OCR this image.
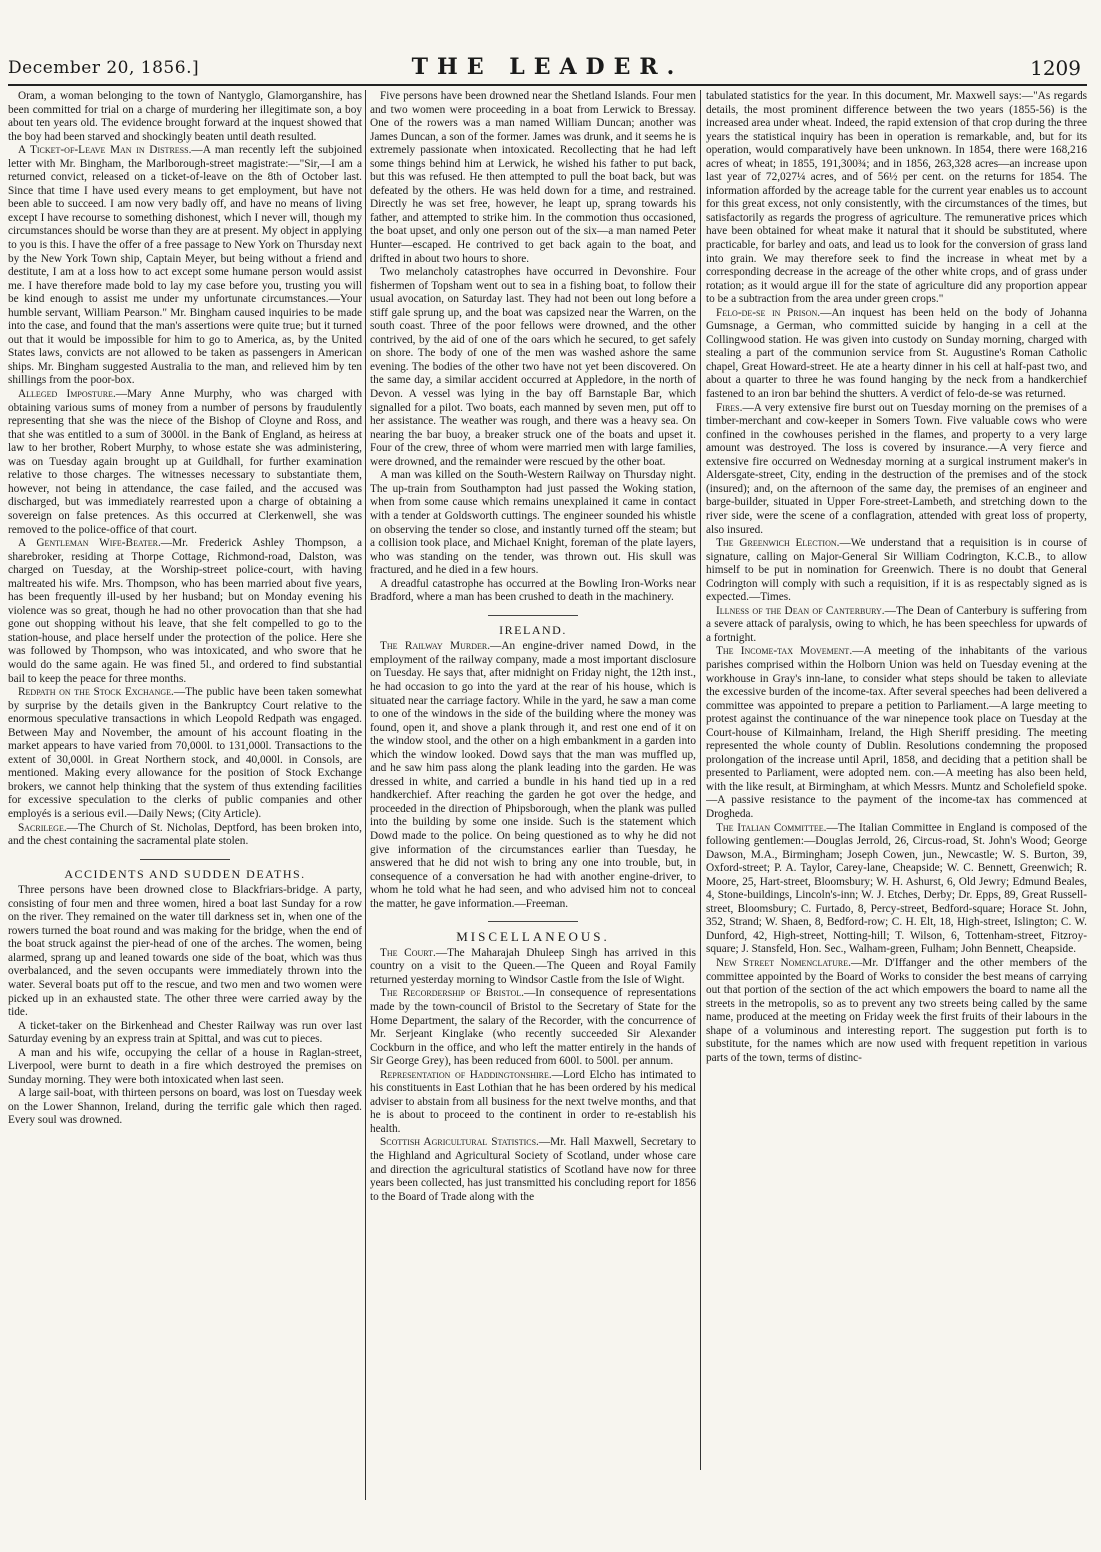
December 20, 1856.]	THE LEADER.	1209

Oram, a woman belonging to the town of Nantyglo, Glamorganshire, has been committed for trial on a charge of murdering her illegitimate son, a boy about ten years old. The evidence brought forward at the inquest showed that the boy had been starved and shockingly beaten until death resulted.

A Ticket-of-Leave Man in Distress.—A man recently left the subjoined letter with Mr. Bingham, the Marlborough-street magistrate:—"Sir,—I am a returned convict, released on a ticket-of-leave on the 8th of October last. Since that time I have used every means to get employment, but have not been able to succeed. I am now very badly off, and have no means of living except I have recourse to something dishonest, which I never will, though my circumstances should be worse than they are at present. My object in applying to you is this. I have the offer of a free passage to New York on Thursday next by the New York Town ship, Captain Meyer, but being without a friend and destitute, I am at a loss how to act except some humane person would assist me. I have therefore made bold to lay my case before you, trusting you will be kind enough to assist me under my unfortunate circumstances.—Your humble servant, William Pearson." Mr. Bingham caused inquiries to be made into the case, and found that the man's assertions were quite true; but it turned out that it would be impossible for him to go to America, as, by the United States laws, convicts are not allowed to be taken as passengers in American ships. Mr. Bingham suggested Australia to the man, and relieved him by ten shillings from the poor-box.

Alleged Imposture.—Mary Anne Murphy, who was charged with obtaining various sums of money from a number of persons by fraudulently representing that she was the niece of the Bishop of Cloyne and Ross, and that she was entitled to a sum of 3000l. in the Bank of England, as heiress at law to her brother, Robert Murphy, to whose estate she was administering, was on Tuesday again brought up at Guildhall, for further examination relative to those charges. The witnesses necessary to substantiate them, however, not being in attendance, the case failed, and the accused was discharged, but was immediately rearrested upon a charge of obtaining a sovereign on false pretences. As this occurred at Clerkenwell, she was removed to the police-office of that court.

A Gentleman Wife-Beater.—Mr. Frederick Ashley Thompson, a sharebroker, residing at Thorpe Cottage, Richmond-road, Dalston, was charged on Tuesday, at the Worship-street police-court, with having maltreated his wife. Mrs. Thompson, who has been married about five years, has been frequently ill-used by her husband; but on Monday evening his violence was so great, though he had no other provocation than that she had gone out shopping without his leave, that she felt compelled to go to the station-house, and place herself under the protection of the police. Here she was followed by Thompson, who was intoxicated, and who swore that he would do the same again. He was fined 5l., and ordered to find substantial bail to keep the peace for three months.

Redpath on the Stock Exchange.—The public have been taken somewhat by surprise by the details given in the Bankruptcy Court relative to the enormous speculative transactions in which Leopold Redpath was engaged. Between May and November, the amount of his account floating in the market appears to have varied from 70,000l. to 131,000l. Transactions to the extent of 30,000l. in Great Northern stock, and 40,000l. in Consols, are mentioned. Making every allowance for the position of Stock Exchange brokers, we cannot help thinking that the system of thus extending facilities for excessive speculation to the clerks of public companies and other employés is a serious evil.—Daily News; (City Article).

Sacrilege.—The Church of St. Nicholas, Deptford, has been broken into, and the chest containing the sacramental plate stolen.

ACCIDENTS AND SUDDEN DEATHS.

Three persons have been drowned close to Blackfriars-bridge. A party, consisting of four men and three women, hired a boat last Sunday for a row on the river. They remained on the water till darkness set in, when one of the rowers turned the boat round and was making for the bridge, when the end of the boat struck against the pier-head of one of the arches. The women, being alarmed, sprang up and leaned towards one side of the boat, which was thus overbalanced, and the seven occupants were immediately thrown into the water. Several boats put off to the rescue, and two men and two women were picked up in an exhausted state. The other three were carried away by the tide.

A ticket-taker on the Birkenhead and Chester Railway was run over last Saturday evening by an express train at Spittal, and was cut to pieces.

A man and his wife, occupying the cellar of a house in Raglan-street, Liverpool, were burnt to death in a fire which destroyed the premises on Sunday morning. They were both intoxicated when last seen.

A large sail-boat, with thirteen persons on board, was lost on Tuesday week on the Lower Shannon, Ireland, during the terrific gale which then raged. Every soul was drowned.

Five persons have been drowned near the Shetland Islands. Four men and two women were proceeding in a boat from Lerwick to Bressay. One of the rowers was a man named William Duncan; another was James Duncan, a son of the former. James was drunk, and it seems he is extremely passionate when intoxicated. Recollecting that he had left some things behind him at Lerwick, he wished his father to put back, but this was refused. He then attempted to pull the boat back, but was defeated by the others. He was held down for a time, and restrained. Directly he was set free, however, he leapt up, sprang towards his father, and attempted to strike him. In the commotion thus occasioned, the boat upset, and only one person out of the six—a man named Peter Hunter—escaped. He contrived to get back again to the boat, and drifted in about two hours to shore.

Two melancholy catastrophes have occurred in Devonshire. Four fishermen of Topsham went out to sea in a fishing boat, to follow their usual avocation, on Saturday last. They had not been out long before a stiff gale sprung up, and the boat was capsized near the Warren, on the south coast. Three of the poor fellows were drowned, and the other contrived, by the aid of one of the oars which he secured, to get safely on shore. The body of one of the men was washed ashore the same evening. The bodies of the other two have not yet been discovered. On the same day, a similar accident occurred at Appledore, in the north of Devon. A vessel was lying in the bay off Barnstaple Bar, which signalled for a pilot. Two boats, each manned by seven men, put off to her assistance. The weather was rough, and there was a heavy sea. On nearing the bar buoy, a breaker struck one of the boats and upset it. Four of the crew, three of whom were married men with large families, were drowned, and the remainder were rescued by the other boat.

A man was killed on the South-Western Railway on Thursday night. The up-train from Southampton had just passed the Woking station, when from some cause which remains unexplained it came in contact with a tender at Goldsworth cuttings. The engineer sounded his whistle on observing the tender so close, and instantly turned off the steam; but a collision took place, and Michael Knight, foreman of the plate layers, who was standing on the tender, was thrown out. His skull was fractured, and he died in a few hours.

A dreadful catastrophe has occurred at the Bowling Iron-Works near Bradford, where a man has been crushed to death in the machinery.

IRELAND.

The Railway Murder.—An engine-driver named Dowd, in the employment of the railway company, made a most important disclosure on Tuesday. He says that, after midnight on Friday night, the 12th inst., he had occasion to go into the yard at the rear of his house, which is situated near the carriage factory. While in the yard, he saw a man come to one of the windows in the side of the building where the money was found, open it, and shove a plank through it, and rest one end of it on the window stool, and the other on a high embankment in a garden into which the window looked. Dowd says that the man was muffled up, and he saw him pass along the plank leading into the garden. He was dressed in white, and carried a bundle in his hand tied up in a red handkerchief. After reaching the garden he got over the hedge, and proceeded in the direction of Phipsborough, when the plank was pulled into the building by some one inside. Such is the statement which Dowd made to the police. On being questioned as to why he did not give information of the circumstances earlier than Tuesday, he answered that he did not wish to bring any one into trouble, but, in consequence of a conversation he had with another engine-driver, to whom he told what he had seen, and who advised him not to conceal the matter, he gave information.—Freeman.

MISCELLANEOUS.

The Court.—The Maharajah Dhuleep Singh has arrived in this country on a visit to the Queen.—The Queen and Royal Family returned yesterday morning to Windsor Castle from the Isle of Wight.

The Recordership of Bristol.—In consequence of representations made by the town-council of Bristol to the Secretary of State for the Home Department, the salary of the Recorder, with the concurrence of Mr. Serjeant Kinglake (who recently succeeded Sir Alexander Cockburn in the office, and who left the matter entirely in the hands of Sir George Grey), has been reduced from 600l. to 500l. per annum.

Representation of Haddingtonshire.—Lord Elcho has intimated to his constituents in East Lothian that he has been ordered by his medical adviser to abstain from all business for the next twelve months, and that he is about to proceed to the continent in order to re-establish his health.

Scottish Agricultural Statistics.—Mr. Hall Maxwell, Secretary to the Highland and Agricultural Society of Scotland, under whose care and direction the agricultural statistics of Scotland have now for three years been collected, has just transmitted his concluding report for 1856 to the Board of Trade along with the

tabulated statistics for the year. In this document, Mr. Maxwell says:—"As regards details, the most prominent difference between the two years (1855-56) is the increased area under wheat. Indeed, the rapid extension of that crop during the three years the statistical inquiry has been in operation is remarkable, and, but for its operation, would comparatively have been unknown. In 1854, there were 168,216 acres of wheat; in 1855, 191,300¾; and in 1856, 263,328 acres—an increase upon last year of 72,027¼ acres, and of 56½ per cent. on the returns for 1854. The information afforded by the acreage table for the current year enables us to account for this great excess, not only consistently, with the circumstances of the times, but satisfactorily as regards the progress of agriculture. The remunerative prices which have been obtained for wheat make it natural that it should be substituted, where practicable, for barley and oats, and lead us to look for the conversion of grass land into grain. We may therefore seek to find the increase in wheat met by a corresponding decrease in the acreage of the other white crops, and of grass under rotation; as it would argue ill for the state of agriculture did any proportion appear to be a subtraction from the area under green crops."

Felo-de-se in Prison.—An inquest has been held on the body of Johanna Gumsnage, a German, who committed suicide by hanging in a cell at the Collingwood station. He was given into custody on Sunday morning, charged with stealing a part of the communion service from St. Augustine's Roman Catholic chapel, Great Howard-street. He ate a hearty dinner in his cell at half-past two, and about a quarter to three he was found hanging by the neck from a handkerchief fastened to an iron bar behind the shutters. A verdict of felo-de-se was returned.

Fires.—A very extensive fire burst out on Tuesday morning on the premises of a timber-merchant and cow-keeper in Somers Town. Five valuable cows who were confined in the cowhouses perished in the flames, and property to a very large amount was destroyed. The loss is covered by insurance.—A very fierce and extensive fire occurred on Wednesday morning at a surgical instrument maker's in Aldersgate-street, City, ending in the destruction of the premises and of the stock (insured); and, on the afternoon of the same day, the premises of an engineer and barge-builder, situated in Upper Fore-street-Lambeth, and stretching down to the river side, were the scene of a conflagration, attended with great loss of property, also insured.

The Greenwich Election.—We understand that a requisition is in course of signature, calling on Major-General Sir William Codrington, K.C.B., to allow himself to be put in nomination for Greenwich. There is no doubt that General Codrington will comply with such a requisition, if it is as respectably signed as is expected.—Times.

Illness of the Dean of Canterbury.—The Dean of Canterbury is suffering from a severe attack of paralysis, owing to which, he has been speechless for upwards of a fortnight.

The Income-tax Movement.—A meeting of the inhabitants of the various parishes comprised within the Holborn Union was held on Tuesday evening at the workhouse in Gray's inn-lane, to consider what steps should be taken to alleviate the excessive burden of the income-tax. After several speeches had been delivered a committee was appointed to prepare a petition to Parliament.—A large meeting to protest against the continuance of the war ninepence took place on Tuesday at the Court-house of Kilmainham, Ireland, the High Sheriff presiding. The meeting represented the whole county of Dublin. Resolutions condemning the proposed prolongation of the increase until April, 1858, and deciding that a petition shall be presented to Parliament, were adopted nem. con.—A meeting has also been held, with the like result, at Birmingham, at which Messrs. Muntz and Scholefield spoke.—A passive resistance to the payment of the income-tax has commenced at Drogheda.

The Italian Committee.—The Italian Committee in England is composed of the following gentlemen:—Douglas Jerrold, 26, Circus-road, St. John's Wood; George Dawson, M.A., Birmingham; Joseph Cowen, jun., Newcastle; W. S. Burton, 39, Oxford-street; P. A. Taylor, Carey-lane, Cheapside; W. C. Bennett, Greenwich; R. Moore, 25, Hart-street, Bloomsbury; W. H. Ashurst, 6, Old Jewry; Edmund Beales, 4, Stone-buildings, Lincoln's-inn; W. J. Etches, Derby; Dr. Epps, 89, Great Russell-street, Bloomsbury; C. Furtado, 8, Percy-street, Bedford-square; Horace St. John, 352, Strand; W. Shaen, 8, Bedford-row; C. H. Elt, 18, High-street, Islington; C. W. Dunford, 42, High-street, Notting-hill; T. Wilson, 6, Tottenham-street, Fitzroy-square; J. Stansfeld, Hon. Sec., Walham-green, Fulham; John Bennett, Cheapside.

New Street Nomenclature.—Mr. D'Iffanger and the other members of the committee appointed by the Board of Works to consider the best means of carrying out that portion of the section of the act which empowers the board to name all the streets in the metropolis, so as to prevent any two streets being called by the same name, produced at the meeting on Friday week the first fruits of their labours in the shape of a voluminous and interesting report. The suggestion put forth is to substitute, for the names which are now used with frequent repetition in various parts of the town, terms of distinc-
